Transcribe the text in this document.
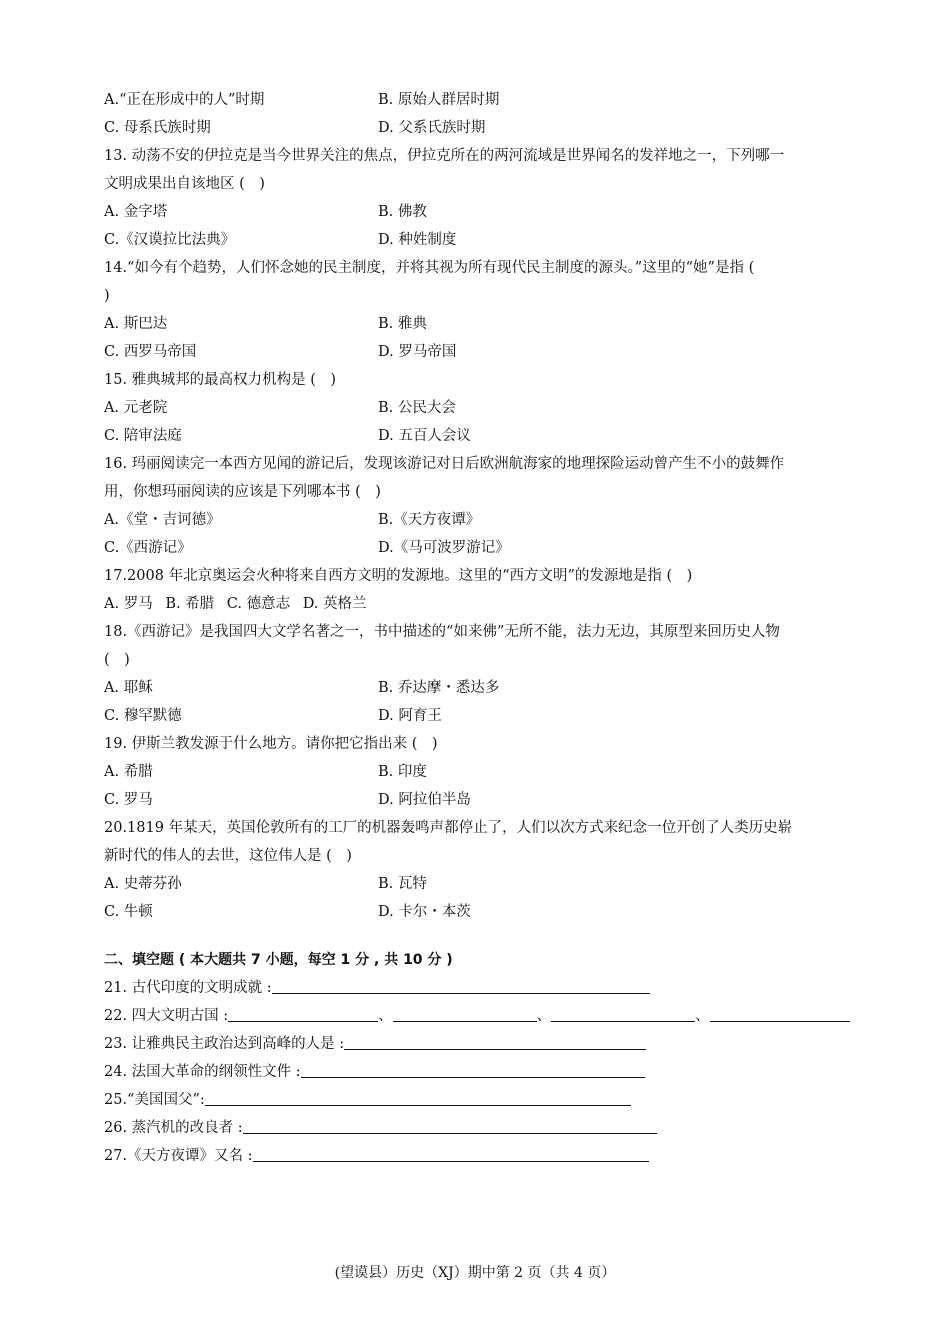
A.“正在形成中的人”时期	B. 原始人群居时期
C. 母系氏族时期	D. 父系氏族时期
13. 动荡不安的伊拉克是当今世界关注的焦点，伊拉克所在的两河流域是世界闻名的发祥地之一，下列哪一
文明成果出自该地区 ( )
A. 金字塔	B. 佛教
C.《汉谟拉比法典》	D. 种姓制度
14.“如今有个趋势，人们怀念她的民主制度，并将其视为所有现代民主制度的源头。”这里的“她”是指 (
)
A. 斯巴达	B. 雅典
C. 西罗马帝国	D. 罗马帝国
15. 雅典城邦的最高权力机构是 ( )
A. 元老院	B. 公民大会
C. 陪审法庭	D. 五百人会议
16. 玛丽阅读完一本西方见闻的游记后，发现该游记对日后欧洲航海家的地理探险运动曾产生不小的鼓舞作
用，你想玛丽阅读的应该是下列哪本书 ( )
A.《堂・吉诃德》	B.《天方夜谭》
C.《西游记》	D.《马可波罗游记》
17.2008 年北京奥运会火种将来自西方文明的发源地。这里的“西方文明”的发源地是指 ( )
A. 罗马 B. 希腊 C. 德意志 D. 英格兰
18.《西游记》是我国四大文学名著之一，书中描述的“如来佛”无所不能，法力无边，其原型来回历史人物
( )
A. 耶稣	B. 乔达摩・悉达多
C. 穆罕默德	D. 阿育王
19. 伊斯兰教发源于什么地方。请你把它指出来 ( )
A. 希腊	B. 印度
C. 罗马	D. 阿拉伯半岛
20.1819 年某天，英国伦敦所有的工厂的机器轰鸣声都停止了，人们以次方式来纪念一位开创了人类历史崭
新时代的伟人的去世，这位伟人是 ( )
A. 史蒂芬孙	B. 瓦特
C. 牛顿	D. 卡尔・本茨
二、填空题 ( 本大题共 7 小题，每空 1 分 , 共 10 分 )
21. 古代印度的文明成就 :
22. 四大文明古国 :	、	、	、
23. 让雅典民主政治达到高峰的人是 :
24. 法国大革命的纲领性文件 :
25.“美国国父”:
26. 蒸汽机的改良者 :
27.《天方夜谭》又名 :
(望谟县）历史（XJ）期中第 2 页（共 4 页）
